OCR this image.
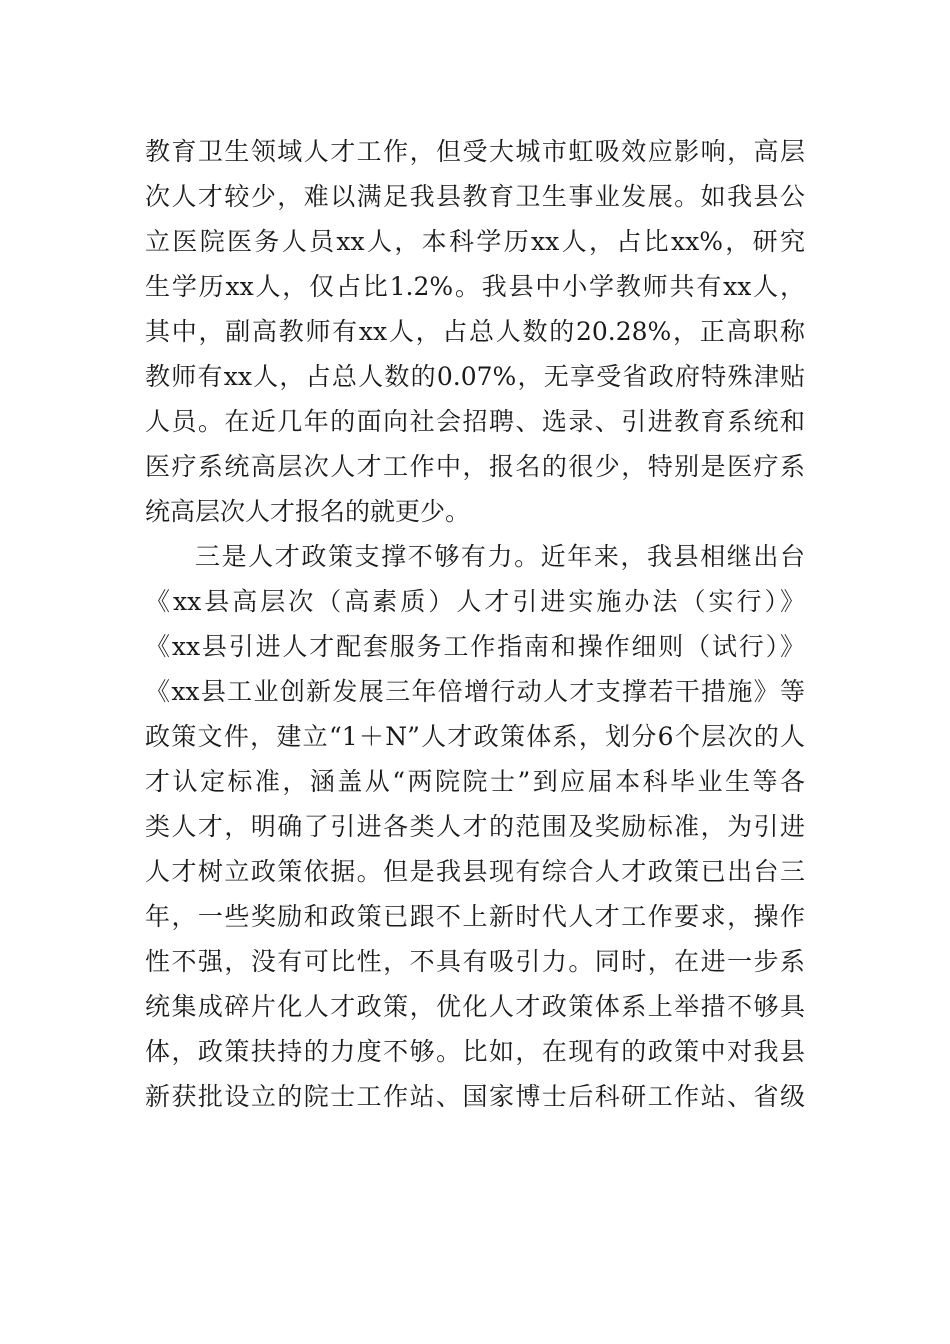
教育卫生领域人才工作，但受大城市虹吸效应影响，高层
次人才较少，难以满足我县教育卫生事业发展。如我县公
立医院医务人员xx人，本科学历xx人，占比xx%，研究
生学历xx人，仅占比1.2%。我县中小学教师共有xx人，
其中，副高教师有xx人，占总人数的20.28%，正高职称
教师有xx人，占总人数的0.07%，无享受省政府特殊津贴
人员。在近几年的面向社会招聘、选录、引进教育系统和
医疗系统高层次人才工作中，报名的很少，特别是医疗系
统高层次人才报名的就更少。
三是人才政策支撑不够有力。近年来，我县相继出台
《xx县高层次（高素质）人才引进实施办法（实行）》
《xx县引进人才配套服务工作指南和操作细则（试行）》
《xx县工业创新发展三年倍增行动人才支撑若干措施》等
政策文件，建立“1＋N”人才政策体系，划分6个层次的人
才认定标准，涵盖从“两院院士”到应届本科毕业生等各
类人才，明确了引进各类人才的范围及奖励标准，为引进
人才树立政策依据。但是我县现有综合人才政策已出台三
年，一些奖励和政策已跟不上新时代人才工作要求，操作
性不强，没有可比性，不具有吸引力。同时，在进一步系
统集成碎片化人才政策，优化人才政策体系上举措不够具
体，政策扶持的力度不够。比如，在现有的政策中对我县
新获批设立的院士工作站、国家博士后科研工作站、省级
